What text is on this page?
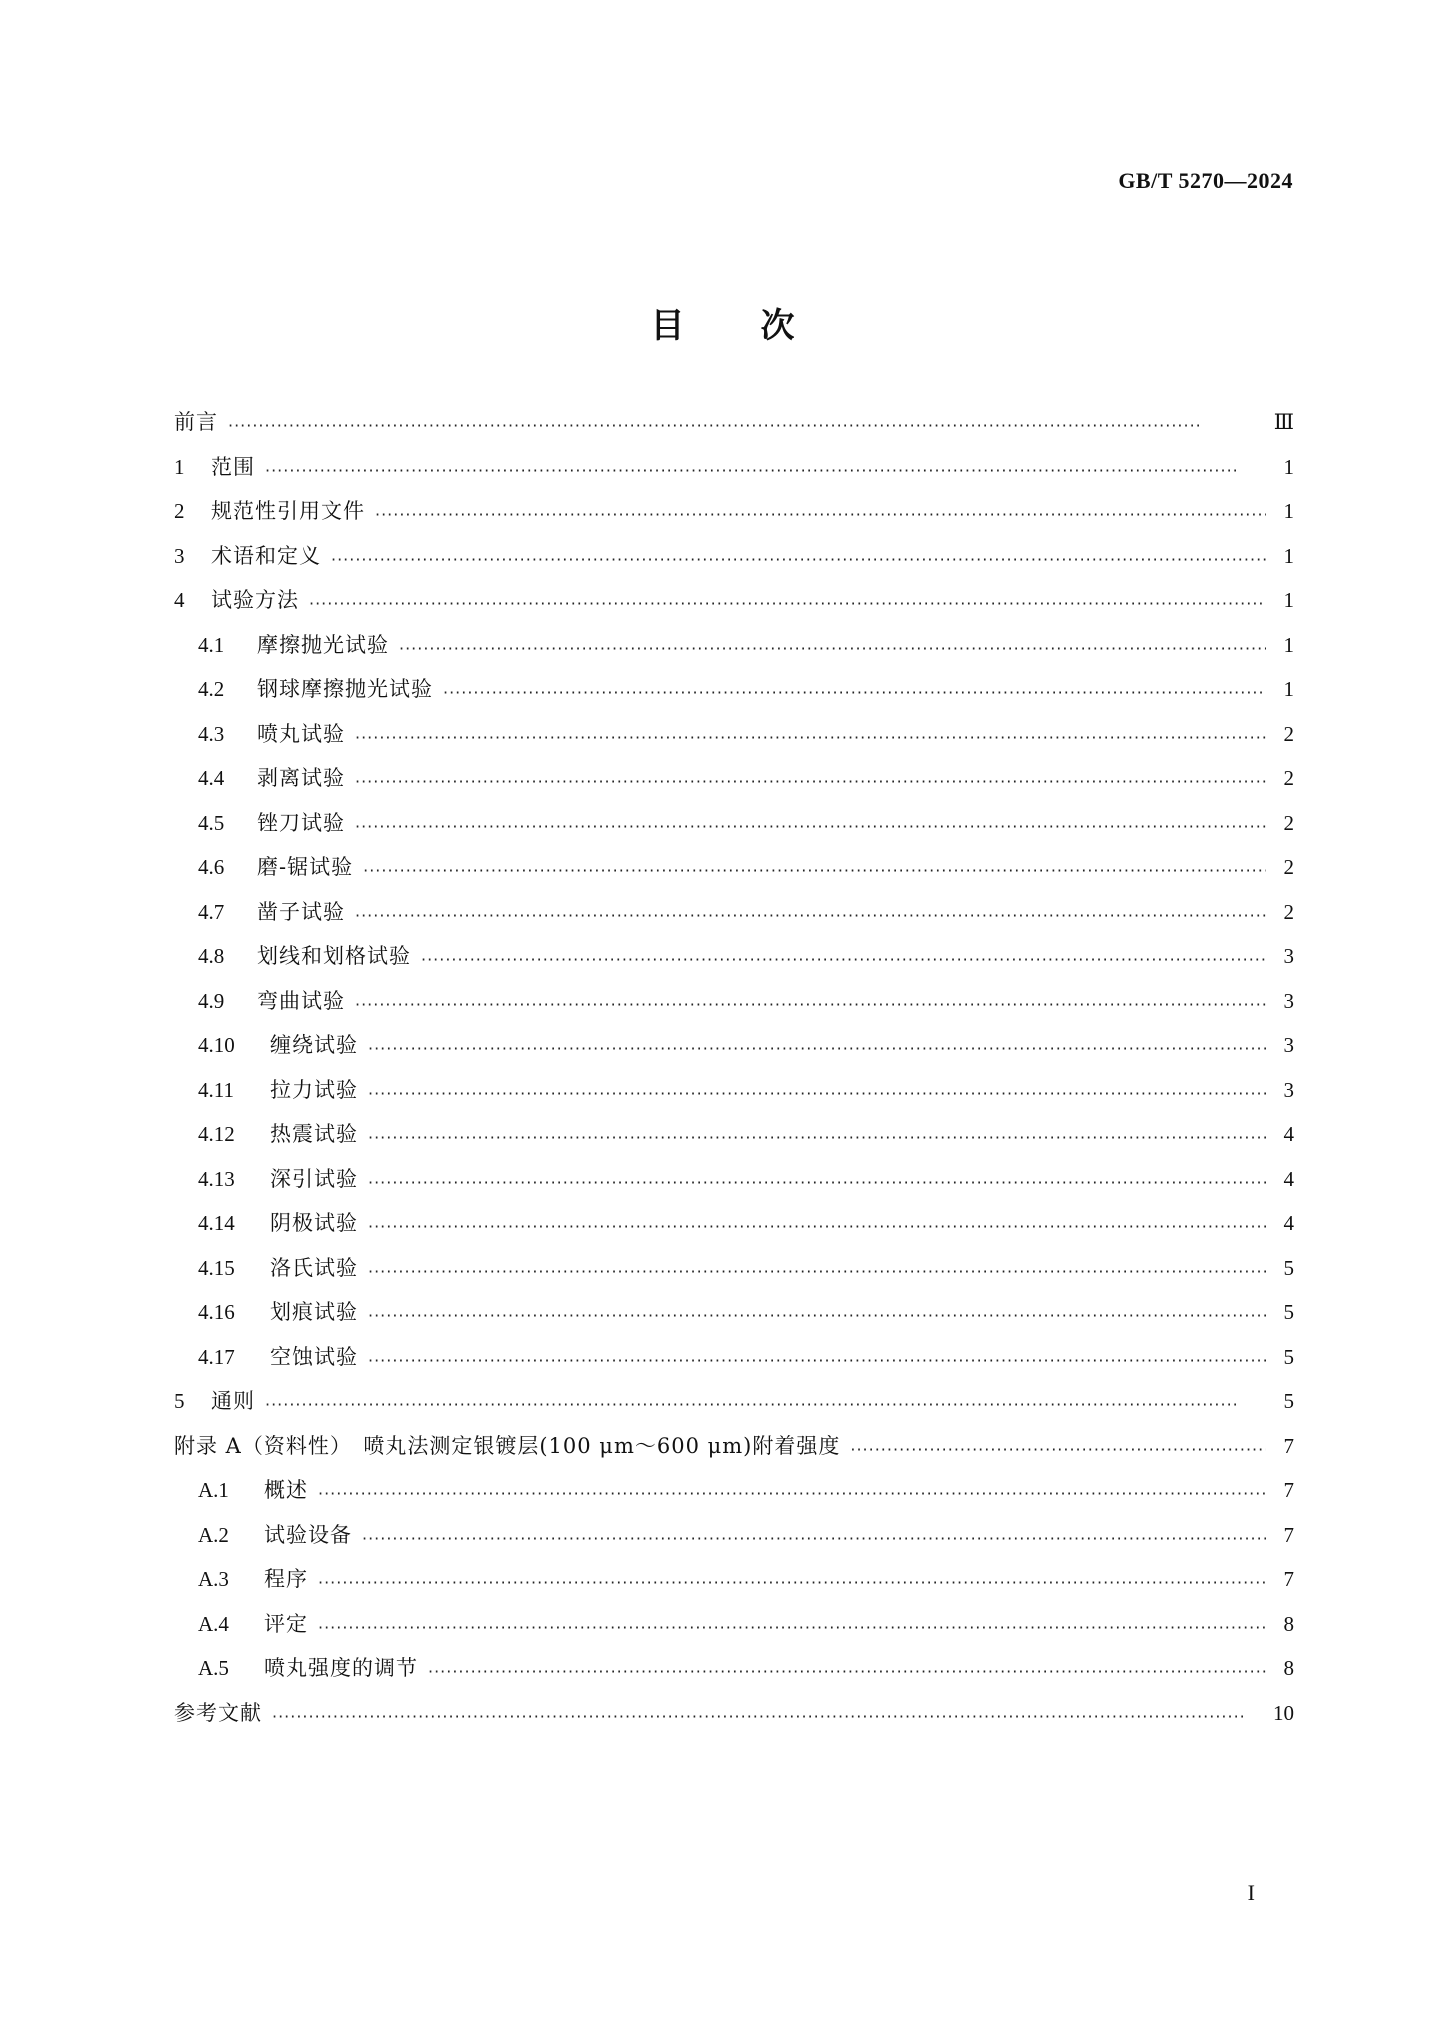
GB/T 5270—2024
目次
前言 ·····	Ⅲ
1	范围 ·····	1
2	规范性引用文件 ·····	1
3	术语和定义 ·····	1
4	试验方法 ·····	1
4.1	摩擦抛光试验 ·····	1
4.2	钢球摩擦抛光试验 ·····	1
4.3	喷丸试验 ·····	2
4.4	剥离试验 ·····	2
4.5	锉刀试验 ·····	2
4.6	磨-锯试验 ·····	2
4.7	凿子试验 ·····	2
4.8	划线和划格试验 ·····	3
4.9	弯曲试验 ·····	3
4.10	缠绕试验 ·····	3
4.11	拉力试验 ·····	3
4.12	热震试验 ·····	4
4.13	深引试验 ·····	4
4.14	阴极试验 ·····	4
4.15	洛氏试验 ·····	5
4.16	划痕试验 ·····	5
4.17	空蚀试验 ·····	5
5	通则 ·····	5
附录 A（资料性）　喷丸法测定银镀层(100 μm～600 μm)附着强度 ·····	7
A.1	概述 ·····	7
A.2	试验设备 ·····	7
A.3	程序 ·····	7
A.4	评定 ·····	8
A.5	喷丸强度的调节 ·····	8
参考文献 ·····	10
I
